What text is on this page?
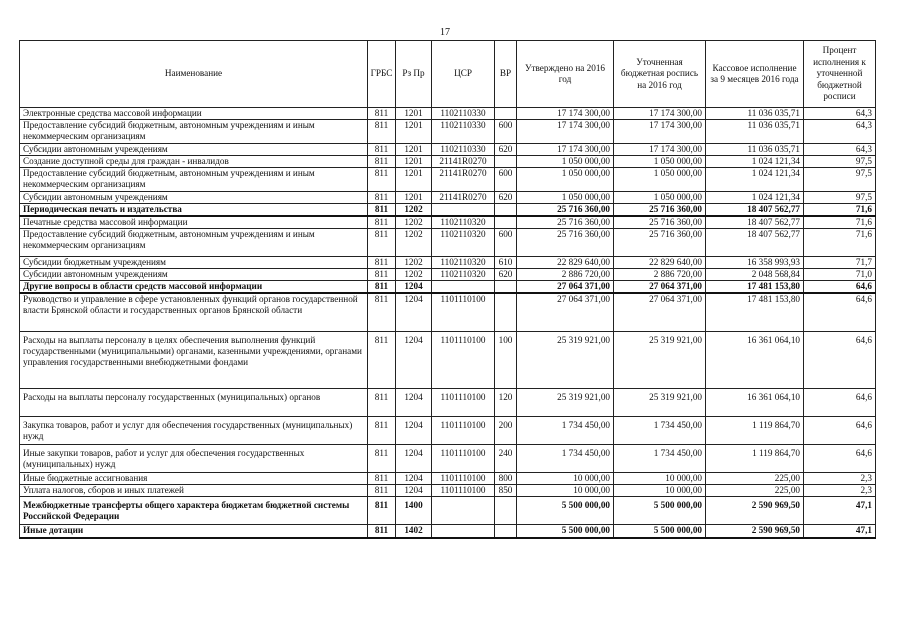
17
Наименование	ГРБС	Рз Пр	ЦСР	ВР	Утверждено на 2016 год	Уточненная бюджетная роспись на 2016 год	Кассовое исполнение за 9 месяцев 2016 года	Процент исполнения к уточненной бюджетной росписи
Электронные средства массовой информации	811	1201	1102110330		17 174 300,00	17 174 300,00	11 036 035,71	64,3
Предоставление субсидий бюджетным, автономным учреждениям и иным некоммерческим организациям	811	1201	1102110330	600	17 174 300,00	17 174 300,00	11 036 035,71	64,3
Субсидии автономным учреждениям	811	1201	1102110330	620	17 174 300,00	17 174 300,00	11 036 035,71	64,3
Создание доступной среды для граждан - инвалидов	811	1201	21141R0270		1 050 000,00	1 050 000,00	1 024 121,34	97,5
Предоставление субсидий бюджетным, автономным учреждениям и иным некоммерческим организациям	811	1201	21141R0270	600	1 050 000,00	1 050 000,00	1 024 121,34	97,5
Субсидии автономным учреждениям	811	1201	21141R0270	620	1 050 000,00	1 050 000,00	1 024 121,34	97,5
Периодическая печать и издательства	811	1202			25 716 360,00	25 716 360,00	18 407 562,77	71,6
Печатные средства массовой информации	811	1202	1102110320		25 716 360,00	25 716 360,00	18 407 562,77	71,6
Предоставление субсидий бюджетным, автономным учреждениям и иным некоммерческим организациям	811	1202	1102110320	600	25 716 360,00	25 716 360,00	18 407 562,77	71,6
Субсидии бюджетным учреждениям	811	1202	1102110320	610	22 829 640,00	22 829 640,00	16 358 993,93	71,7
Субсидии автономным учреждениям	811	1202	1102110320	620	2 886 720,00	2 886 720,00	2 048 568,84	71,0
Другие вопросы в области средств массовой информации	811	1204			27 064 371,00	27 064 371,00	17 481 153,80	64,6
Руководство и управление в сфере установленных функций органов государственной власти Брянской области и государственных органов Брянской области	811	1204	1101110100		27 064 371,00	27 064 371,00	17 481 153,80	64,6
Расходы на выплаты персоналу в целях обеспечения выполнения функций государственными (муниципальными) органами, казенными учреждениями, органами управления государственными внебюджетными фондами	811	1204	1101110100	100	25 319 921,00	25 319 921,00	16 361 064,10	64,6
Расходы на выплаты персоналу государственных (муниципальных) органов	811	1204	1101110100	120	25 319 921,00	25 319 921,00	16 361 064,10	64,6
Закупка товаров, работ и услуг для обеспечения государственных (муниципальных) нужд	811	1204	1101110100	200	1 734 450,00	1 734 450,00	1 119 864,70	64,6
Иные закупки товаров, работ и услуг для обеспечения государственных (муниципальных) нужд	811	1204	1101110100	240	1 734 450,00	1 734 450,00	1 119 864,70	64,6
Иные бюджетные ассигнования	811	1204	1101110100	800	10 000,00	10 000,00	225,00	2,3
Уплата налогов, сборов и иных платежей	811	1204	1101110100	850	10 000,00	10 000,00	225,00	2,3
Межбюджетные трансферты общего характера бюджетам бюджетной системы Российской Федерации	811	1400			5 500 000,00	5 500 000,00	2 590 969,50	47,1
Иные дотации	811	1402			5 500 000,00	5 500 000,00	2 590 969,50	47,1
